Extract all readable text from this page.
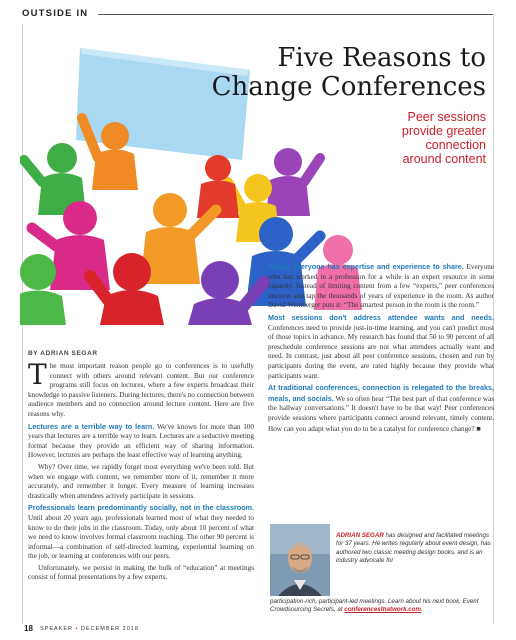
OUTSIDE IN
Five Reasons to
Change Conferences
Peer sessions
provide greater
connection
around content
BY ADRIAN SEGAR

The most important reason people go to conferences is to usefully connect with others around relevant content. But our conference programs still focus on lectures, where a few experts broadcast their knowledge to passive listeners. During lectures, there's no connection between audience members and no connection around lecture content. Here are five reasons why.

Lectures are a terrible way to learn. We've known for more than 100 years that lectures are a terrible way to learn. Lectures are a seductive meeting format because they provide an efficient way of sharing information. However, lectures are perhaps the least effective way of learning anything.

Why? Over time, we rapidly forget most everything we've been told. But when we engage with content, we remember more of it, remember it more accurately, and remember it longer. Every measure of learning increases drastically when attendees actively participate in sessions.

Professionals learn predominantly socially, not in the classroom. Until about 20 years ago, professionals learned most of what they needed to know to do their jobs in the classroom. Today, only about 10 percent of what we need to know involves formal classroom teaching. The other 90 percent is informal—a combination of self-directed learning, experiential learning on the job, or learning at conferences with our peers.

Unfortunately, we persist in making the bulk of “education” at meetings consist of formal presentations by a few experts.

Today, everyone has expertise and experience to share. Everyone who has worked in a profession for a while is an expert resource in some capacity. Instead of limiting content from a few “experts,” peer conferences uncover and tap the thousands of years of experience in the room. As author David Weinberger puts it: “The smartest person in the room is the room.”

Most sessions don't address attendee wants and needs. Conferences need to provide just-in-time learning, and you can't predict most of those topics in advance. My research has found that 50 to 90 percent of all preschedule conference sessions are not what attendees actually want and need. In contrast, just about all peer conference sessions, chosen and run by participants during the event, are rated highly because they provide what participants want.

At traditional conferences, connection is relegated to the breaks, meals, and socials. We so often hear “The best part of that conference was the hallway conversations.” It doesn't have to be that way! Peer conferences provide sessions where participants connect around relevant, timely content. How can you adapt what you do to be a catalyst for conference change? ■

ADRIAN SEGAR has designed and facilitated meetings for 37 years. He writes regularly about event design, has authored two classic meeting design books, and is an industry advocate for
participation-rich, participant-led meetings. Learn about his next book, Event Crowdsourcing Secrets, at conferencesthatwork.com.
18 SPEAKER • DECEMBER 2018
